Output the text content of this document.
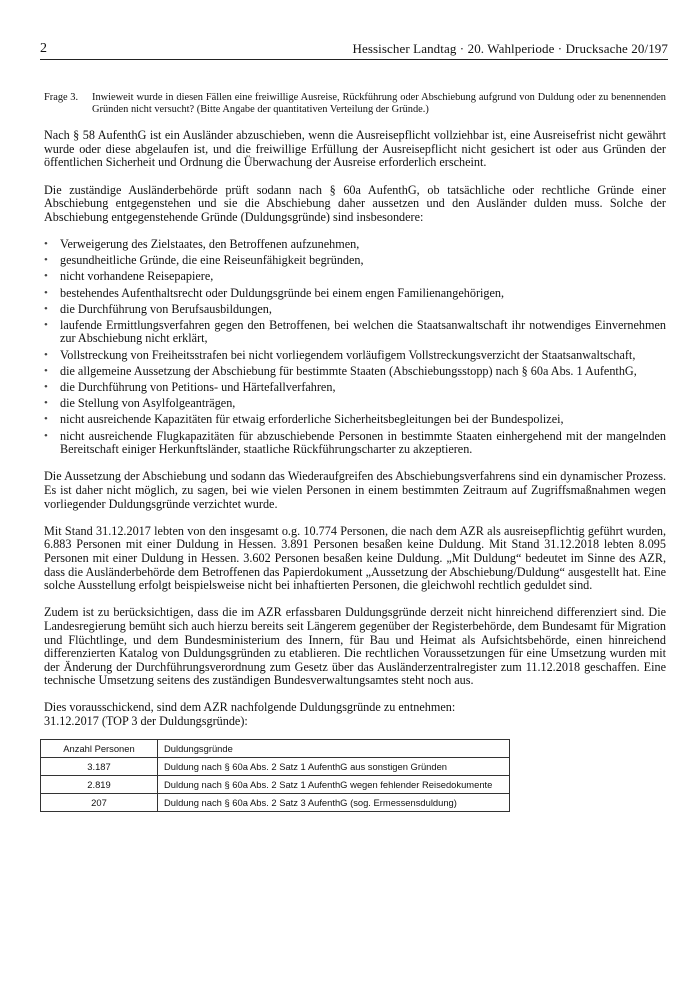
2	Hessischer Landtag · 20. Wahlperiode · Drucksache 20/197
Frage 3.	Inwieweit wurde in diesen Fällen eine freiwillige Ausreise, Rückführung oder Abschiebung aufgrund von Duldung oder zu benennenden Gründen nicht versucht? (Bitte Angabe der quantitativen Verteilung der Gründe.)

Nach § 58 AufenthG ist ein Ausländer abzuschieben, wenn die Ausreisepflicht vollziehbar ist, eine Ausreisefrist nicht gewährt wurde oder diese abgelaufen ist, und die freiwillige Erfüllung der Ausreisepflicht nicht gesichert ist oder aus Gründen der öffentlichen Sicherheit und Ordnung die Überwachung der Ausreise erforderlich erscheint.

Die zuständige Ausländerbehörde prüft sodann nach § 60a AufenthG, ob tatsächliche oder rechtliche Gründe einer Abschiebung entgegenstehen und sie die Abschiebung daher aussetzen und den Ausländer dulden muss. Solche der Abschiebung entgegenstehende Gründe (Duldungsgründe) sind insbesondere:

• Verweigerung des Zielstaates, den Betroffenen aufzunehmen,
• gesundheitliche Gründe, die eine Reiseunfähigkeit begründen,
• nicht vorhandene Reisepapiere,
• bestehendes Aufenthaltsrecht oder Duldungsgründe bei einem engen Familienangehörigen,
• die Durchführung von Berufsausbildungen,
• laufende Ermittlungsverfahren gegen den Betroffenen, bei welchen die Staatsanwaltschaft ihr notwendiges Einvernehmen zur Abschiebung nicht erklärt,
• Vollstreckung von Freiheitsstrafen bei nicht vorliegendem vorläufigem Vollstreckungsverzicht der Staatsanwaltschaft,
• die allgemeine Aussetzung der Abschiebung für bestimmte Staaten (Abschiebungsstopp) nach § 60a Abs. 1 AufenthG,
• die Durchführung von Petitions- und Härtefallverfahren,
• die Stellung von Asylfolgeanträgen,
• nicht ausreichende Kapazitäten für etwaig erforderliche Sicherheitsbegleitungen bei der Bundespolizei,
• nicht ausreichende Flugkapazitäten für abzuschiebende Personen in bestimmte Staaten einhergehend mit der mangelnden Bereitschaft einiger Herkunftsländer, staatliche Rückführungscharter zu akzeptieren.

Die Aussetzung der Abschiebung und sodann das Wiederaufgreifen des Abschiebungsverfahrens sind ein dynamischer Prozess. Es ist daher nicht möglich, zu sagen, bei wie vielen Personen in einem bestimmten Zeitraum auf Zugriffsmaßnahmen wegen vorliegender Duldungsgründe verzichtet wurde.

Mit Stand 31.12.2017 lebten von den insgesamt o.g. 10.774 Personen, die nach dem AZR als ausreisepflichtig geführt wurden, 6.883 Personen mit einer Duldung in Hessen. 3.891 Personen besaßen keine Duldung. Mit Stand 31.12.2018 lebten 8.095 Personen mit einer Duldung in Hessen. 3.602 Personen besaßen keine Duldung. „Mit Duldung“ bedeutet im Sinne des AZR, dass die Ausländerbehörde dem Betroffenen das Papierdokument „Aussetzung der Abschiebung/Duldung“ ausgestellt hat. Eine solche Ausstellung erfolgt beispielsweise nicht bei inhaftierten Personen, die gleichwohl rechtlich geduldet sind.

Zudem ist zu berücksichtigen, dass die im AZR erfassbaren Duldungsgründe derzeit nicht hinreichend differenziert sind. Die Landesregierung bemüht sich auch hierzu bereits seit Längerem gegenüber der Registerbehörde, dem Bundesamt für Migration und Flüchtlinge, und dem Bundesministerium des Innern, für Bau und Heimat als Aufsichtsbehörde, einen hinreichend differenzierten Katalog von Duldungsgründen zu etablieren. Die rechtlichen Voraussetzungen für eine Umsetzung wurden mit der Änderung der Durchführungsverordnung zum Gesetz über das Ausländerzentralregister zum 11.12.2018 geschaffen. Eine technische Umsetzung seitens des zuständigen Bundesverwaltungsamtes steht noch aus.

Dies vorausschickend, sind dem AZR nachfolgende Duldungsgründe zu entnehmen:
31.12.2017 (TOP 3 der Duldungsgründe):

Anzahl Personen	Duldungsgründe
3.187	Duldung nach § 60a Abs. 2 Satz 1 AufenthG aus sonstigen Gründen
2.819	Duldung nach § 60a Abs. 2 Satz 1 AufenthG wegen fehlender Reisedokumente
207	Duldung nach § 60a Abs. 2 Satz 3 AufenthG (sog. Ermessensduldung)
